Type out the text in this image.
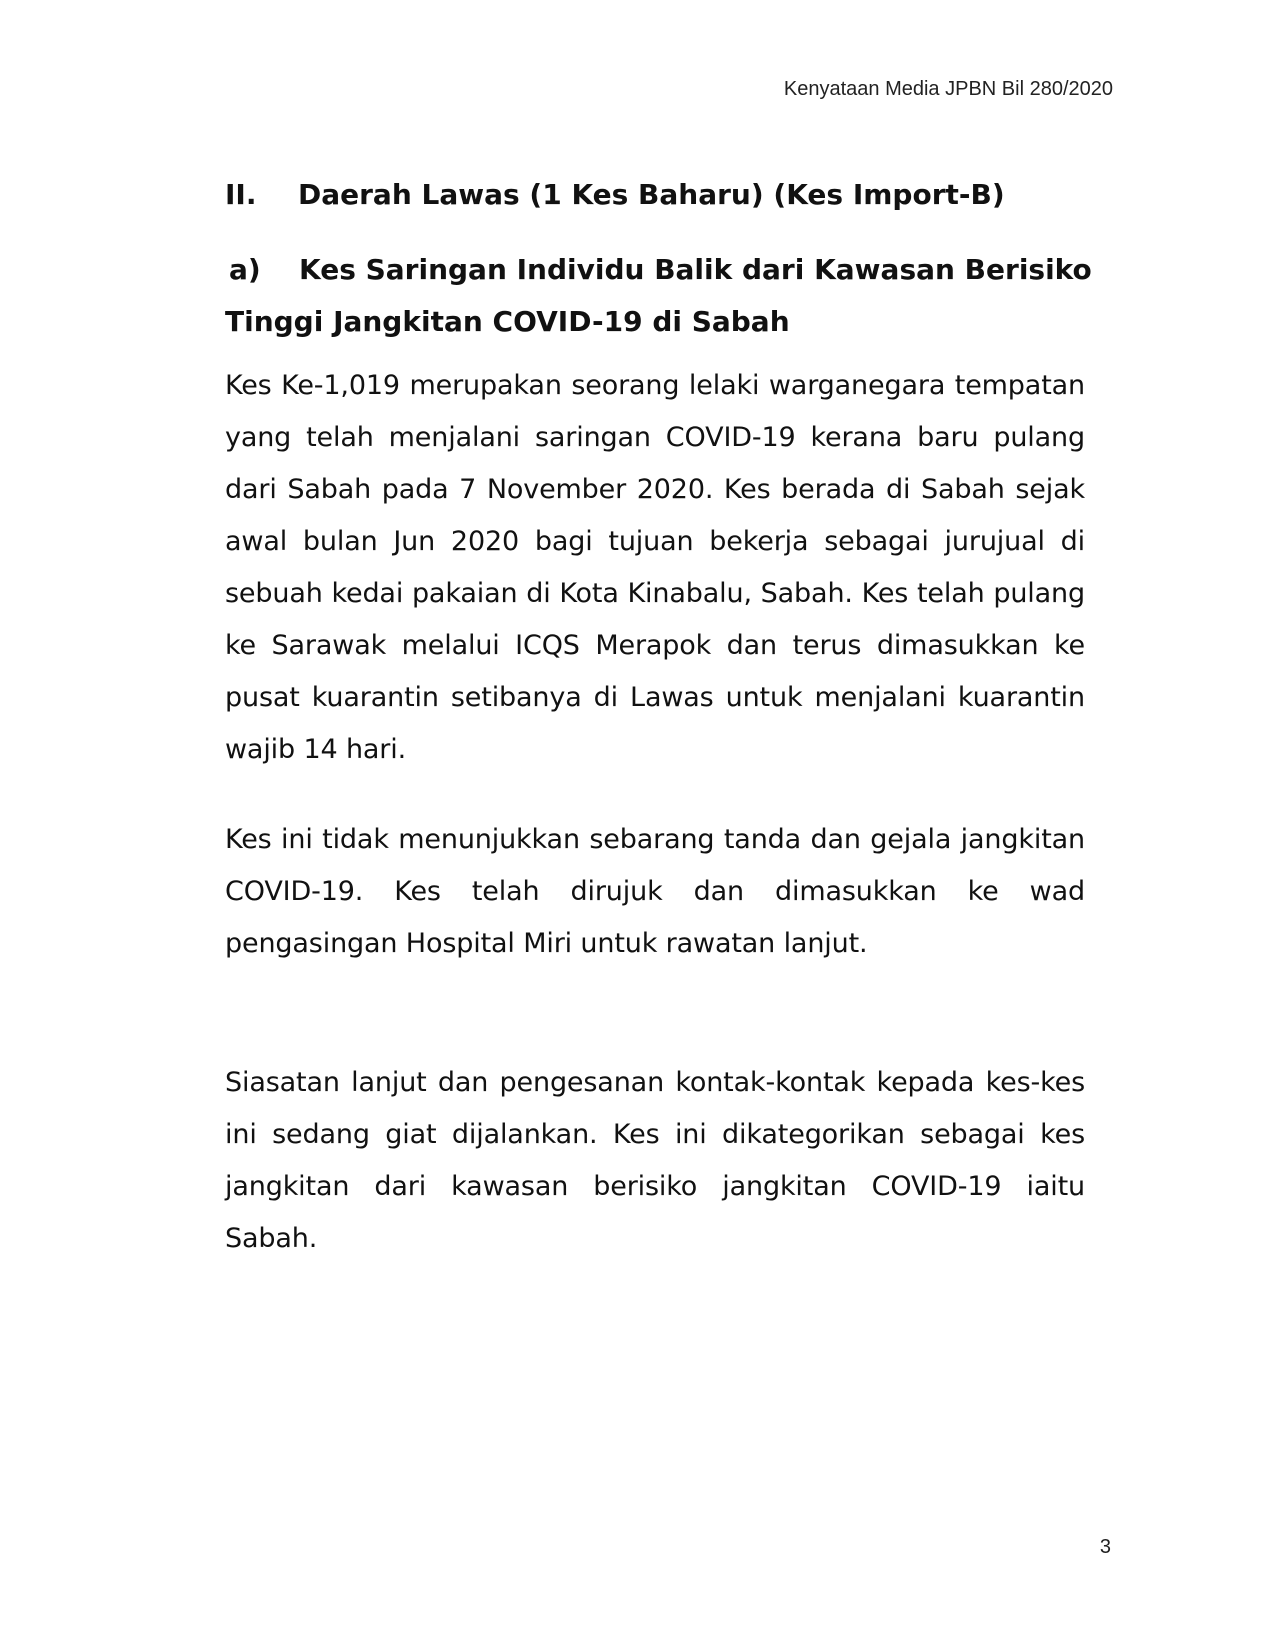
Kenyataan Media JPBN Bil 280/2020
II. Daerah Lawas (1 Kes Baharu) (Kes Import-B)
a) Kes Saringan Individu Balik dari Kawasan Berisiko
Tinggi Jangkitan COVID-19 di Sabah

Kes Ke-1,019 merupakan seorang lelaki warganegara tempatan yang telah menjalani saringan COVID-19 kerana baru pulang dari Sabah pada 7 November 2020. Kes berada di Sabah sejak awal bulan Jun 2020 bagi tujuan bekerja sebagai jurujual di sebuah kedai pakaian di Kota Kinabalu, Sabah. Kes telah pulang ke Sarawak melalui ICQS Merapok dan terus dimasukkan ke pusat kuarantin setibanya di Lawas untuk menjalani kuarantin wajib 14 hari.

Kes ini tidak menunjukkan sebarang tanda dan gejala jangkitan COVID-19. Kes telah dirujuk dan dimasukkan ke wad pengasingan Hospital Miri untuk rawatan lanjut.

Siasatan lanjut dan pengesanan kontak-kontak kepada kes-kes ini sedang giat dijalankan. Kes ini dikategorikan sebagai kes jangkitan dari kawasan berisiko jangkitan COVID-19 iaitu Sabah.

3
